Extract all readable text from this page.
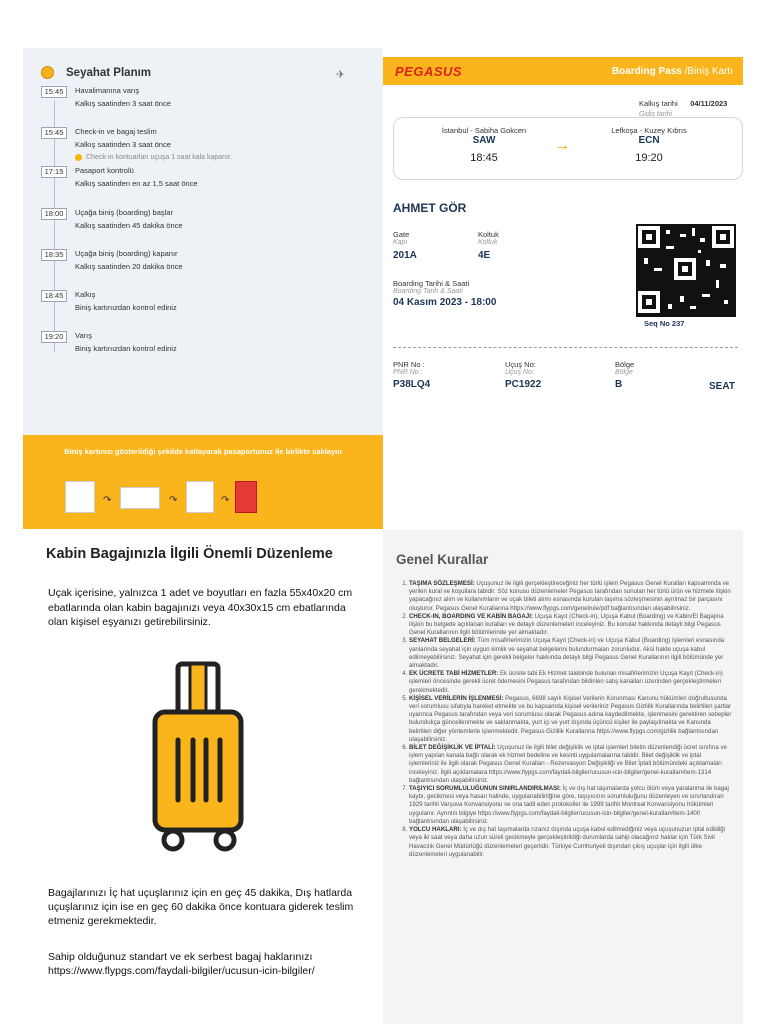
Seyahat Planım	✈
15:45	Havalimanına varış
Kalkış saatinden 3 saat önce
15:45	Check-in ve bagaj teslim
Kalkış saatinden 3 saat önce
Check-in kontuarları uçuşa 1 saat kala kapanır.
17:15	Pasaport kontrolü
Kalkış saatinden en az 1,5 saat önce
18:00	Uçağa biniş (boarding) başlar
Kalkış saatinden 45 dakika önce
18:35	Uçağa biniş (boarding) kapanır
Kalkış saatinden 20 dakika önce
18:45	Kalkış
Biniş kartınızdan kontrol ediniz
19:20	Varış
Biniş kartınızdan kontrol ediniz
Biniş kartınızı gösterildiği şekilde katlayarak pasaportunuz ile birlikte saklayın
↷	↷	↷
PEGASUS	Boarding Pass /Biniş Kartı
Kalkış tarihi 04/11/2023
Gidiş tarihi
İstanbul - Sabiha Gokcen
SAW
18:45
→
Lefkoşa - Kuzey Kıbrıs
ECN
19:20
AHMET GÖR
Gate
Kapı
201A
Koltuk
Koltuk
4E
Boarding Tarihi & Saati
Boarding Tarih & Saati
04 Kasım 2023 - 18:00
Seq No 237
PNR No :
PNR No :
P38LQ4
Uçuş No:
Uçuş No:
PC1922
Bölge
Bölge
B	SEAT
Kabin Bagajınızla İlgili Önemli Düzenleme
Uçak içerisine, yalnızca 1 adet ve boyutları en fazla 55x40x20 cm ebatlarında olan kabin bagajınızı veya 40x30x15 cm ebatlarında olan kişisel eşyanızı getirebilirsiniz.
Bagajlarınızı İç hat uçuşlarınız için en geç 45 dakika, Dış hatlarda uçuşlarınız için ise en geç 60 dakika önce kontuara giderek teslim etmeniz gerekmektedir.
Sahip olduğunuz standart ve ek serbest bagaj haklarınızı
https://www.flypgs.com/faydali-bilgiler/ucusun-icin-bilgiler/
Genel Kurallar
1. TAŞIMA SÖZLEŞMESİ: Uçuşunuz ile ilgili gerçekleştireceğiniz her türlü işlem Pegasus Genel Kuralları kapsamında ve yerilen kural ve koşullara tabidir. Söz konusu düzenlemeler Pegasus tarafından sunulan her türlü ürün ve hizmete ilişkin yapacağınız alım ve kullanımların ve uçak bileti alımı esnasında kurulan taşıma sözleşmesinin ayrılmaz bir parçasını oluşturur. Pegasus Genel Kurallarına https://www.flypgs.com/genelrule/pdf bağlantısından ulaşabilirsiniz.
2. CHECK-IN, BOARDING VE KABİN BAGAJI: Uçuşa Kayıt (Check-in), Uçuşa Kabul (Boarding) ve Kabin/El Bagajına ilişkin bu belgede açıklanan kuralları ve detaylı düzenlemeleri inceleyiniz. Bu konular hakkında detaylı bilgi Pegasus Genel Kurallarının ilgili bölümlerinde yer almaktadır.
3. SEYAHAT BELGELERİ: Tüm misafirlerimizin Uçuşa Kayıt (Check-in) ve Uçuşa Kabul (Boarding) işlemleri esnasında yanlarında seyahat için uygun kimlik ve seyahat belgelerini bulundurmaları zorunludur. Aksi halde uçuşa kabul edilmeyebilirsiniz. Seyahat için gerekli belgeler hakkında detaylı bilgi Pegasus Genel Kurallarının ilgili bölümünde yer almaktadır.
4. EK ÜCRETE TABİ HİZMETLER: Ek ücrete tabi Ek Hizmet talebinde bulunan misafirlerimizin Uçuşa Kayıt (Check-in) işlemleri öncesinde gerekli ücret ödemesini Pegasus tarafından bildirilen satış kanalları üzerinden gerçekleştirmeleri gerekmektedir.
5. KİŞİSEL VERİLERİN İŞLENMESİ: Pegasus, 6698 sayılı Kişisel Verilerin Korunması Kanunu hükümleri doğrultusunda veri sorumlusu sıfatıyla hareket etmekte ve bu kapsamda kişisel verileriniz Pegasus Gizlilik Kurallarında belirtilen şartlar uyarınca Pegasus tarafından veya veri sorumlusu olarak Pegasus adına kaydedilmekte, işlenmesini gerektiren sebepler bulundukça güncellenmekte ve saklanmakta, yurt içi ve yurt dışında üçüncü kişiler ile paylaşılmakta ve Kanunda belirtilen diğer yöntemlerle işlenmektedir. Pegasus Gizlilik Kurallarına https://www.flypgs.com/gizlilik bağlantısından ulaşabilirsiniz.
6. BİLET DEĞİŞİKLİK VE İPTALİ: Uçuşunuz ile ilgili bilet değişiklik ve iptal işlemleri biletin düzenlendiği ücret sınıfına ve işlem yapılan kanala bağlı olarak ek hizmet bedeline ve kesinti uygulamalarına tabidir. Bilet değişiklik ve iptal işlemleriniz ile ilgili olarak Pegasus Genel Kuralları - Rezervasyon Değişikliği ve Bilet İptali bölümündeki açıklamaları inceleyiniz. İlgili açıklamalara https://www.flypgs.com/faydali-bilgiler/ucusun-icin-bilgiler/genel-kurallar#item-1314 bağlantısından ulaşabilirsiniz.
7. TAŞIYICI SORUMLULUĞUNUN SINIRLANDIRILMASI: İç ve dış hat taşımalarda yolcu ölüm veya yaralanma ile bagaj kaybı, gecikmesi veya hasarı halinde, uygulanabilirliğine göre, taşıyıcının sorumluluğunu düzenleyen ve sınırlandıran 1929 tarihli Varşova Konvansiyonu ve ona tadil eden protokoller ile 1999 tarihli Montreal Konvansiyonu hükümleri uygulanır. Ayrıntılı bilgiye https://www.flypgs.com/faydali-bilgiler/ucusun-icin-bilgiler/genel-kurallar#item-1400 bağlantısından ulaşabilirsiniz.
8. YOLCU HAKLARI: İç ve dış hat taşımalarda rızanız dışında uçuşa kabul edilmediğiniz veya uçuşunuzun iptal edildiği veya iki saat veya daha uzun süreli gecikmeyle gerçekleştirildiği durumlarda sahip olacağınız haklar için Türk Sivil Havacılık Genel Müdürlüğü düzenlemeleri geçerlidir. Türkiye Cumhuriyeti dışından çıkış uçuşlar için ilgili ülke düzenlemeleri uygulanabilir.
